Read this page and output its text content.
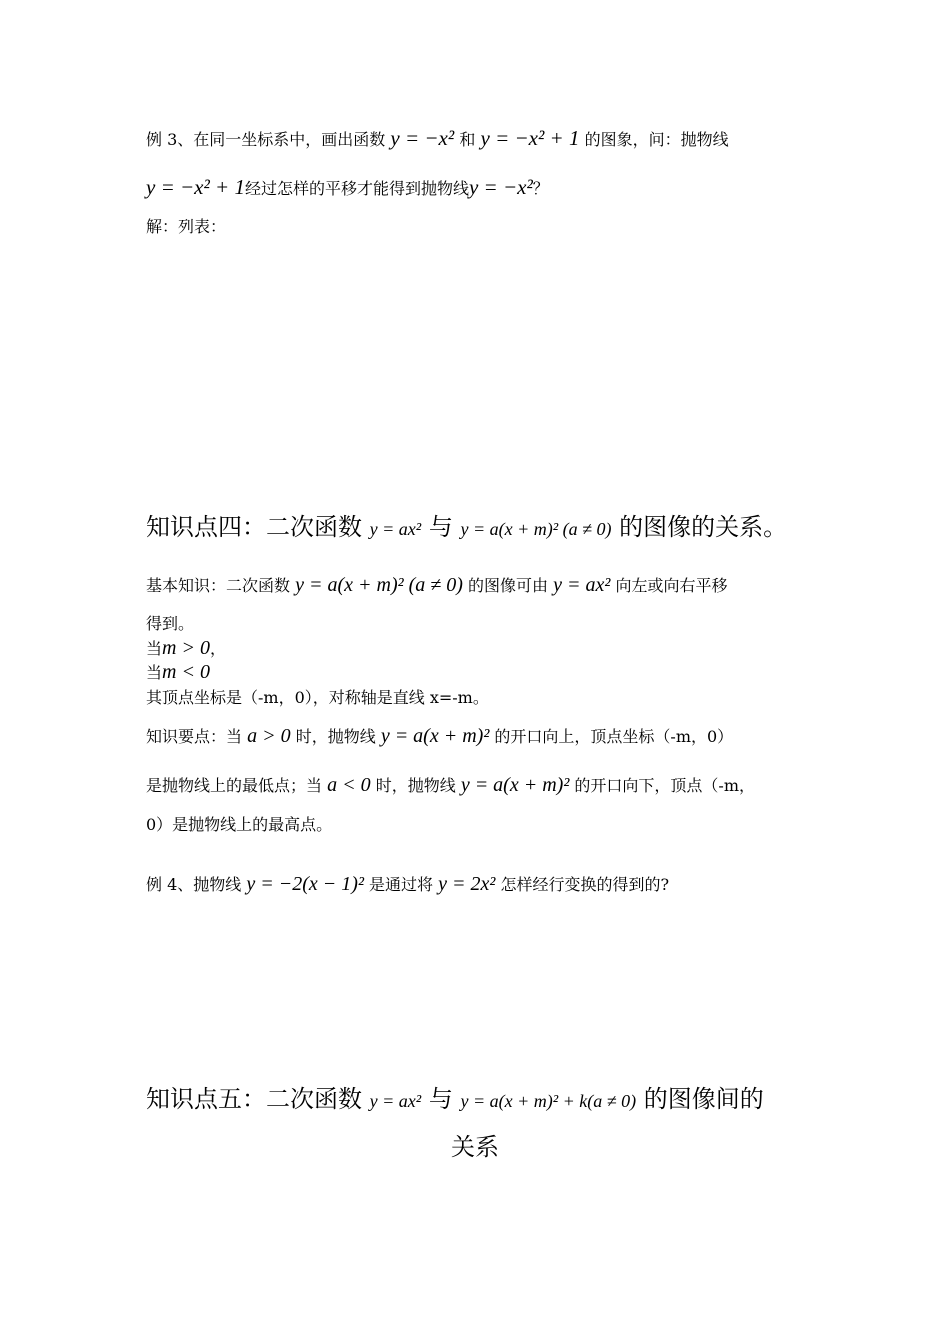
例 3、在同一坐标系中，画出函数 y = −x² 和 y = −x² + 1 的图象，问：抛物线
y = −x² + 1经过怎样的平移才能得到抛物线y = −x²？
解：列表：
知识点四：二次函数 y = ax² 与 y = a(x + m)² (a ≠ 0) 的图像的关系。
基本知识：二次函数 y = a(x + m)² (a ≠ 0) 的图像可由 y = ax² 向左或向右平移
得到。
当m > 0，
当m < 0
其顶点坐标是（-m，0），对称轴是直线 x=-m。
知识要点：当 a > 0 时，抛物线 y = a(x + m)² 的开口向上，顶点坐标（-m，0）
是抛物线上的最低点；当 a < 0 时，抛物线 y = a(x + m)² 的开口向下，顶点（-m，
0）是抛物线上的最高点。
例 4、抛物线 y = −2(x − 1)² 是通过将 y = 2x² 怎样经行变换的得到的?
知识点五：二次函数 y = ax² 与 y = a(x + m)² + k(a ≠ 0) 的图像间的
关系
